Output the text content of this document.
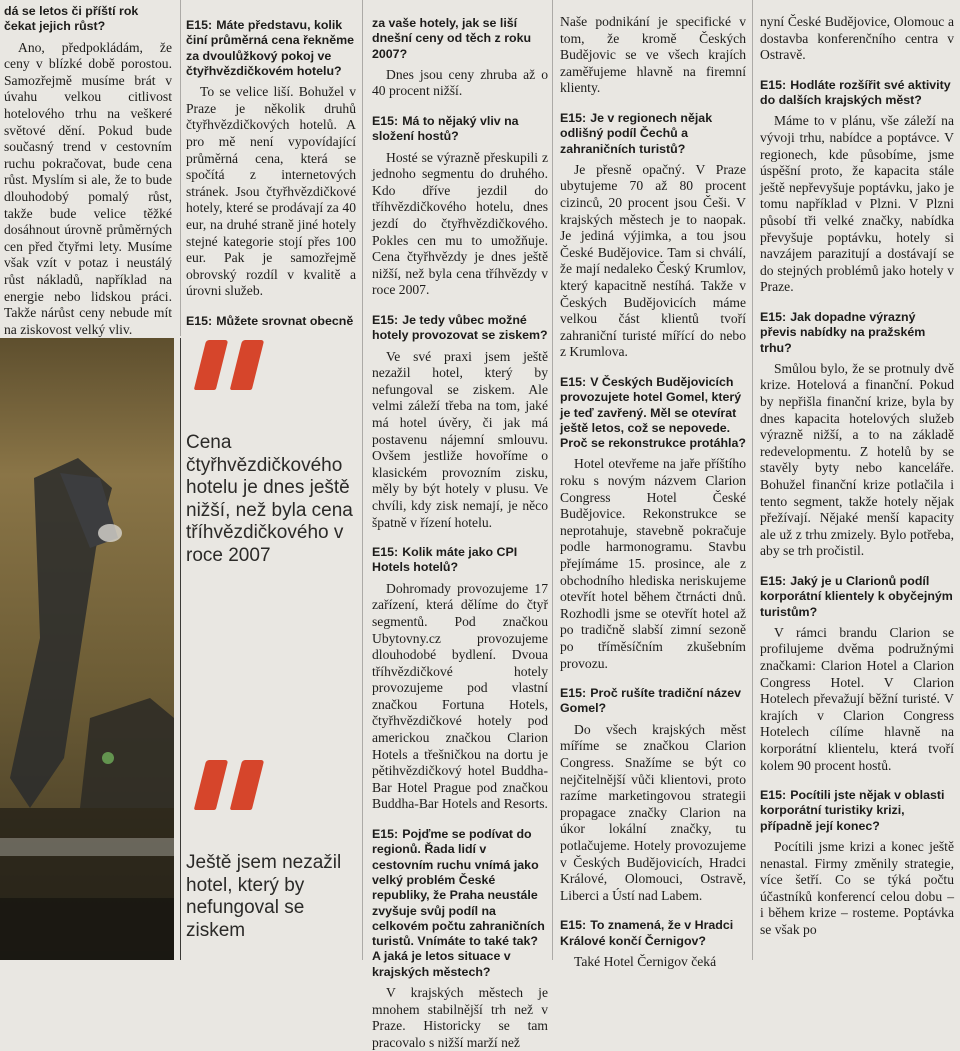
dá se letos či příští rok čekat jejich růst?

Ano, předpokládám, že ceny v blízké době porostou. Samozřejmě musíme brát v úvahu velkou citlivost hotelového trhu na veškeré světové dění. Pokud bude současný trend v cestovním ruchu pokračovat, bude cena růst. Myslím si ale, že to bude dlouhodobý pomalý růst, takže bude velice těžké dosáhnout úrovně průměrných cen před čtyřmi lety. Musíme však vzít v potaz i neustálý růst nákladů, například na energie nebo lidskou práci. Takže nárůst ceny nebude mít na ziskovost velký vliv.

E15: Máte představu, kolik činí průměrná cena řekněme za dvoulůžkový pokoj ve čtyřhvězdičkovém hotelu?

To se velice liší. Bohužel v Praze je několik druhů čtyřhvězdičkových hotelů. A pro mě není vypovídající průměrná cena, která se spočítá z internetových stránek. Jsou čtyřhvězdičkové hotely, které se prodávají za 40 eur, na druhé straně jiné hotely stejné kategorie stojí přes 100 eur. Pak je samozřejmě obrovský rozdíl v kvalitě a úrovni služeb.

E15: Můžete srovnat obecně
Cena čtyřhvězdičkového hotelu je dnes ještě nižší, než byla cena tříhvězdičkového v roce 2007
Ještě jsem nezažil hotel, který by nefungoval se ziskem
za vaše hotely, jak se liší dnešní ceny od těch z roku 2007?

Dnes jsou ceny zhruba až o 40 procent nižší.

E15: Má to nějaký vliv na složení hostů?

Hosté se výrazně přeskupili z jednoho segmentu do druhého. Kdo dříve jezdil do tříhvězdičkového hotelu, dnes jezdí do čtyřhvězdičkového. Pokles cen mu to umožňuje. Cena čtyřhvězdy je dnes ještě nižší, než byla cena tříhvězdy v roce 2007.

E15: Je tedy vůbec možné hotely provozovat se ziskem?

Ve své praxi jsem ještě nezažil hotel, který by nefungoval se ziskem. Ale velmi záleží třeba na tom, jaké má hotel úvěry, či jak má postavenu nájemní smlouvu. Ovšem jestliže hovoříme o klasickém provozním zisku, měly by být hotely v plusu. Ve chvíli, kdy zisk nemají, je něco špatně v řízení hotelu.

E15: Kolik máte jako CPI Hotels hotelů?

Dohromady provozujeme 17 zařízení, která dělíme do čtyř segmentů. Pod značkou Ubytovny.cz provozujeme dlouhodobé bydlení. Dvoua tříhvězdičkové hotely provozujeme pod vlastní značkou Fortuna Hotels, čtyřhvězdičkové hotely pod americkou značkou Clarion Hotels a třešničkou na dortu je pětihvězdičkový hotel Buddha-Bar Hotel Prague pod značkou Buddha-Bar Hotels and Resorts.

E15: Pojďme se podívat do regionů. Řada lidí v cestovním ruchu vnímá jako velký problém České republiky, že Praha neustále zvyšuje svůj podíl na celkovém počtu zahraničních turistů. Vnímáte to také tak? A jaká je letos situace v krajských městech?

V krajských městech je mnohem stabilnější trh než v Praze. Historicky se tam pracovalo s nižší marží než

Naše podnikání je specifické v tom, že kromě Českých Budějovic se ve všech krajích zaměřujeme hlavně na firemní klienty.

E15: Je v regionech nějak odlišný podíl Čechů a zahraničních turistů?

Je přesně opačný. V Praze ubytujeme 70 až 80 procent cizinců, 20 procent jsou Češi. V krajských městech je to naopak. Je jediná výjimka, a tou jsou České Budějovice. Tam si chválí, že mají nedaleko Český Krumlov, který kapacitně nestíhá. Takže v Českých Budějovicích máme velkou část klientů tvoří zahraniční turisté mířící do nebo z Krumlova.

E15: V Českých Budějovicích provozujete hotel Gomel, který je teď zavřený. Měl se otevírat ještě letos, což se nepovede. Proč se rekonstrukce protáhla?

Hotel otevřeme na jaře příštího roku s novým názvem Clarion Congress Hotel České Budějovice. Rekonstrukce se neprotahuje, stavebně pokračuje podle harmonogramu. Stavbu přejímáme 15. prosince, ale z obchodního hlediska neriskujeme otevřít hotel během čtrnácti dnů. Rozhodli jsme se otevřít hotel až po tradičně slabší zimní sezoně po tříměsíčním zkušebním provozu.

E15: Proč rušíte tradiční název Gomel?

Do všech krajských měst míříme se značkou Clarion Congress. Snažíme se být co nejčitelnější vůči klientovi, proto razíme marketingovou strategii propagace značky Clarion na úkor lokální značky, tu potlačujeme. Hotely provozujeme v Českých Budějovicích, Hradci Králové, Olomouci, Ostravě, Liberci a Ústí nad Labem.

E15: To znamená, že v Hradci Králové končí Černigov?

Také Hotel Černigov čeká

nyní České Budějovice, Olomouc a dostavba konferenčního centra v Ostravě.

E15: Hodláte rozšířit své aktivity do dalších krajských měst?

Máme to v plánu, vše záleží na vývoji trhu, nabídce a poptávce. V regionech, kde působíme, jsme úspěšní proto, že kapacita stále ještě nepřevyšuje poptávku, jako je tomu například v Plzni. V Plzni působí tři velké značky, nabídka převyšuje poptávku, hotely si navzájem parazitují a dostávají se do stejných problémů jako hotely v Praze.

E15: Jak dopadne výrazný převis nabídky na pražském trhu?

Smůlou bylo, že se protnuly dvě krize. Hotelová a finanční. Pokud by nepřišla finanční krize, byla by dnes kapacita hotelových služeb výrazně nižší, a to na základě redevelopmentu. Z hotelů by se stavěly byty nebo kanceláře. Bohužel finanční krize potlačila i tento segment, takže hotely nějak přežívají. Nějaké menší kapacity ale už z trhu zmizely. Bylo potřeba, aby se trh pročistil.

E15: Jaký je u Clarionů podíl korporátní klientely k obyčejným turistům?

V rámci brandu Clarion se profilujeme dvěma podružnými značkami: Clarion Hotel a Clarion Congress Hotel. V Clarion Hotelech převažují běžní turisté. V krajích v Clarion Congress Hotelech cílíme hlavně na korporátní klientelu, která tvoří kolem 90 procent hostů.

E15: Pocítili jste nějak v oblasti korporátní turistiky krizi, případně její konec?

Pocítili jsme krizi a konec ještě nenastal. Firmy změnily strategie, více šetří. Co se týká počtu účastníků konferencí celou dobu – i během krize – rosteme. Poptávka se však po
